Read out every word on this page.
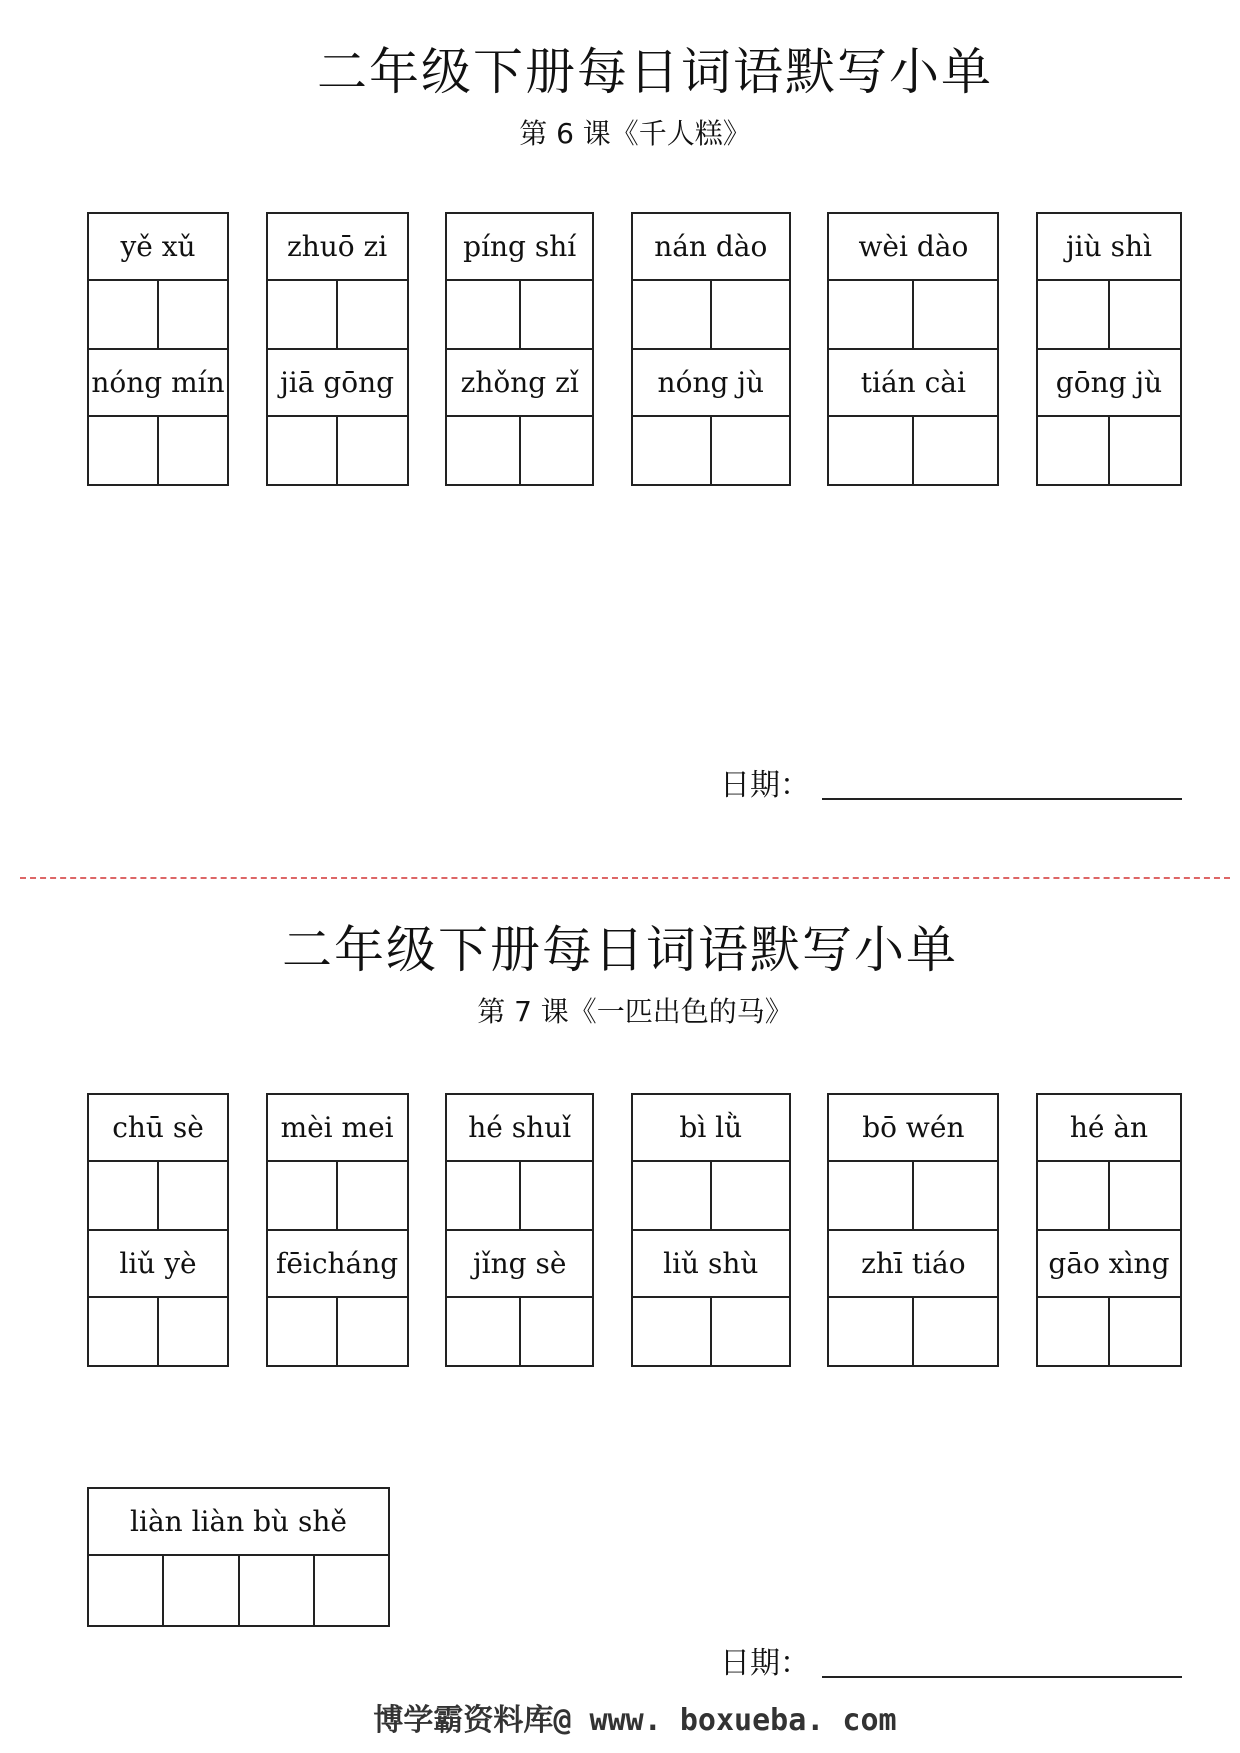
二年级下册每日词语默写小单
第 6 课《千人糕》
yě xǔ
nóng mín
zhuō zi
jiā gōng
píng shí
zhǒng zǐ
nán dào
nóng jù
wèi dào
tián cài
jiù shì
gōng jù
日期：
二年级下册每日词语默写小单
第 7 课《一匹出色的马》
chū sè
liǔ yè
mèi mei
fēicháng
hé shuǐ
jǐng sè
bì lǜ
liǔ shù
bō wén
zhī tiáo
hé àn
gāo xìng
liàn liàn bù shě
日期：
博学霸资料库@ www. boxueba. com
